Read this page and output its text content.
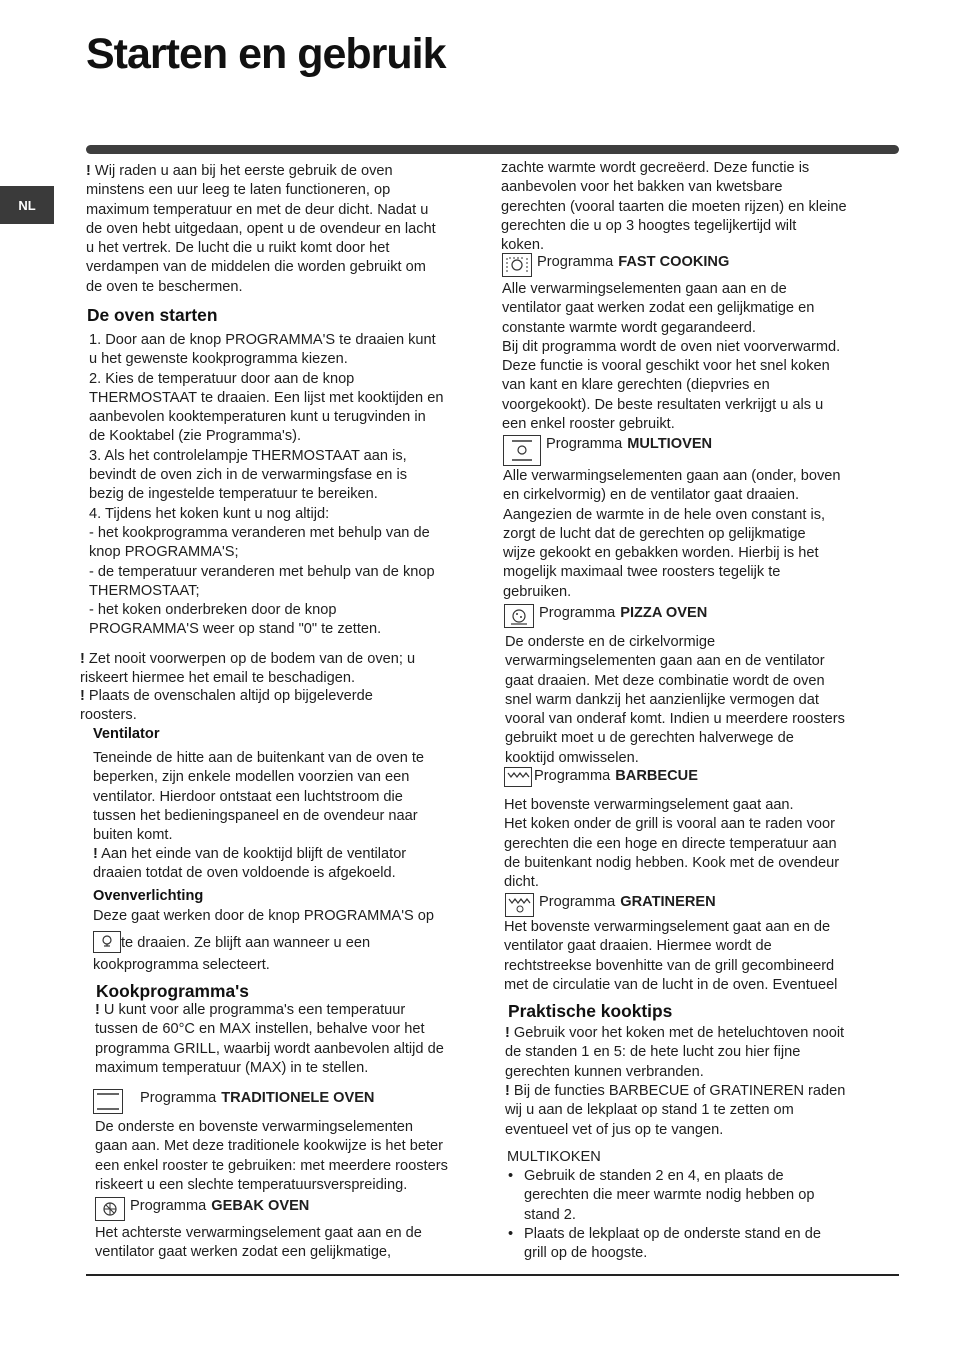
Starten en gebruik
NL

! Wij raden u aan bij het eerste gebruik de oven
minstens een uur leeg te laten functioneren, op
maximum temperatuur en met de deur dicht. Nadat u
de oven hebt uitgedaan, opent u de ovendeur en lacht
u het vertrek. De lucht die u ruikt komt door het
verdampen van de middelen die worden gebruikt om
de oven te beschermen.

De oven starten

1. Door aan de knop PROGRAMMA'S te draaien kunt
u het gewenste kookprogramma kiezen.
2. Kies de temperatuur door aan de knop
THERMOSTAAT te draaien. Een lijst met kooktijden en
aanbevolen kooktemperaturen kunt u terugvinden in
de Kooktabel (zie Programma's).
3. Als het controlelampje THERMOSTAAT aan is,
bevindt de oven zich in de verwarmingsfase en is
bezig de ingestelde temperatuur te bereiken.
4. Tijdens het koken kunt u nog altijd:
- het kookprogramma veranderen met behulp van de
knop PROGRAMMA'S;
- de temperatuur veranderen met behulp van de knop
THERMOSTAAT;
- het koken onderbreken door de knop
PROGRAMMA'S weer op stand "0" te zetten.

! Zet nooit voorwerpen op de bodem van de oven; u
riskeert hiermee het email te beschadigen.

! Plaats de ovenschalen altijd op bijgeleverde
roosters.

Ventilator

Teneinde de hitte aan de buitenkant van de oven te
beperken, zijn enkele modellen voorzien van een
ventilator. Hierdoor ontstaat een luchtstroom die
tussen het bedieningspaneel en de ovendeur naar
buiten komt.

! Aan het einde van de kooktijd blijft de ventilator
draaien totdat de oven voldoende is afgekoeld.

Ovenverlichting

Deze gaat werken door de knop PROGRAMMA'S op

te draaien. Ze blijft aan wanneer u een

kookprogramma selecteert.

Kookprogramma's

! U kunt voor alle programma's een temperatuur
tussen de 60°C en MAX instellen, behalve voor het
programma GRILL, waarbij wordt aanbevolen altijd de
maximum temperatuur (MAX) in te stellen.

Programma TRADITIONELE OVEN

De onderste en bovenste verwarmingselementen
gaan aan. Met deze traditionele kookwijze is het beter
een enkel rooster te gebruiken: met meerdere roosters
riskeert u een slechte temperatuursverspreiding.

Programma GEBAK OVEN

Het achterste verwarmingselement gaat aan en de
ventilator gaat werken zodat een gelijkmatige,

zachte warmte wordt gecreëerd. Deze functie is
aanbevolen voor het bakken van kwetsbare
gerechten (vooral taarten die moeten rijzen) en kleine
gerechten die u op 3 hoogtes tegelijkertijd wilt
koken.

Programma FAST COOKING

Alle verwarmingselementen gaan aan en de
ventilator gaat werken zodat een gelijkmatige en
constante warmte wordt gegarandeerd.
Bij dit programma wordt de oven niet voorverwarmd.
Deze functie is vooral geschikt voor het snel koken
van kant en klare gerechten (diepvries en
voorgekookt). De beste resultaten verkrijgt u als u
een enkel rooster gebruikt.

Programma MULTIOVEN

Alle verwarmingselementen gaan aan (onder, boven
en cirkelvormig) en de ventilator gaat draaien.
Aangezien de warmte in de hele oven constant is,
zorgt de lucht dat de gerechten op gelijkmatige
wijze gekookt en gebakken worden. Hierbij is het
mogelijk maximaal twee roosters tegelijk te
gebruiken.

Programma PIZZA OVEN

De onderste en de cirkelvormige
verwarmingselementen gaan aan en de ventilator
gaat draaien. Met deze combinatie wordt de oven
snel warm dankzij het aanzienlijke vermogen dat
vooral van onderaf komt. Indien u meerdere roosters
gebruikt moet u de gerechten halverwege de
kooktijd omwisselen.

Programma BARBECUE

Het bovenste verwarmingselement gaat aan.
Het koken onder de grill is vooral aan te raden voor
gerechten die een hoge en directe temperatuur aan
de buitenkant nodig hebben. Kook met de ovendeur
dicht.

Programma GRATINEREN

Het bovenste verwarmingselement gaat aan en de
ventilator gaat draaien. Hiermee wordt de
rechtstreekse bovenhitte van de grill gecombineerd
met de circulatie van de lucht in de oven. Eventueel

Praktische kooktips

! Gebruik voor het koken met de heteluchtoven nooit
de standen 1 en 5: de hete lucht zou hier fijne
gerechten kunnen verbranden.

! Bij de functies BARBECUE of GRATINEREN raden
wij u aan de lekplaat op stand 1 te zetten om
eventueel vet of jus op te vangen.

MULTIKOKEN

• Gebruik de standen 2 en 4, en plaats de
gerechten die meer warmte nodig hebben op
stand 2.
• Plaats de lekplaat op de onderste stand en de
grill op de hoogste.
